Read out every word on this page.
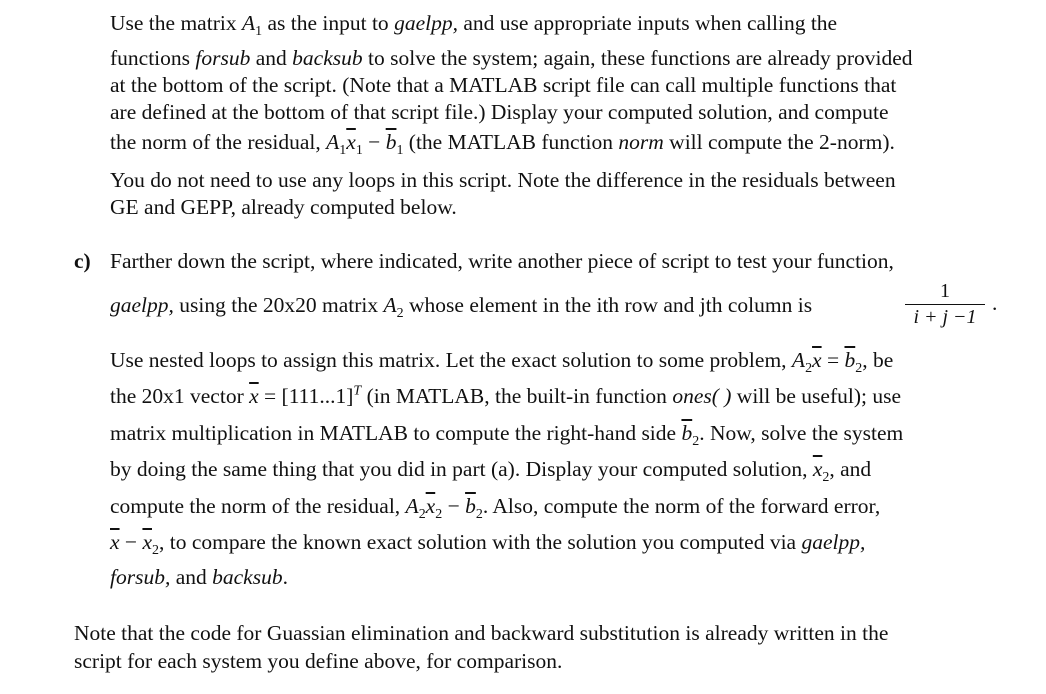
Use the matrix $A_1$ as the input to gaelpp, and use appropriate inputs when calling the
functions forsub and backsub to solve the system; again, these functions are already provided
at the bottom of the script. (Note that a MATLAB script file can call multiple functions that
are defined at the bottom of that script file.) Display your computed solution, and compute
the norm of the residual, $A_1\overline{x}_1 - \overline{b}_1$ (the MATLAB function norm will compute the 2-norm).
You do not need to use any loops in this script. Note the difference in the residuals between
GE and GEPP, already computed below.
c) Farther down the script, where indicated, write another piece of script to test your function,
gaelpp, using the 20x20 matrix $A_2$ whose element in the ith row and jth column is
1
i + j −1
.
Use nested loops to assign this matrix. Let the exact solution to some problem, $A_2\overline{x} = \overline{b}_2$, be
the 20x1 vector $\overline{x} = [111...1]^T$ (in MATLAB, the built-in function ones( ) will be useful); use
matrix multiplication in MATLAB to compute the right-hand side $\overline{b}_2$. Now, solve the system
by doing the same thing that you did in part (a). Display your computed solution, $\overline{x}_2$, and
compute the norm of the residual, $A_2\overline{x}_2 - \overline{b}_2$. Also, compute the norm of the forward error,
$\overline{x} - \overline{x}_2$, to compare the known exact solution with the solution you computed via gaelpp,
forsub, and backsub.
Note that the code for Guassian elimination and backward substitution is already written in the
script for each system you define above, for comparison.
